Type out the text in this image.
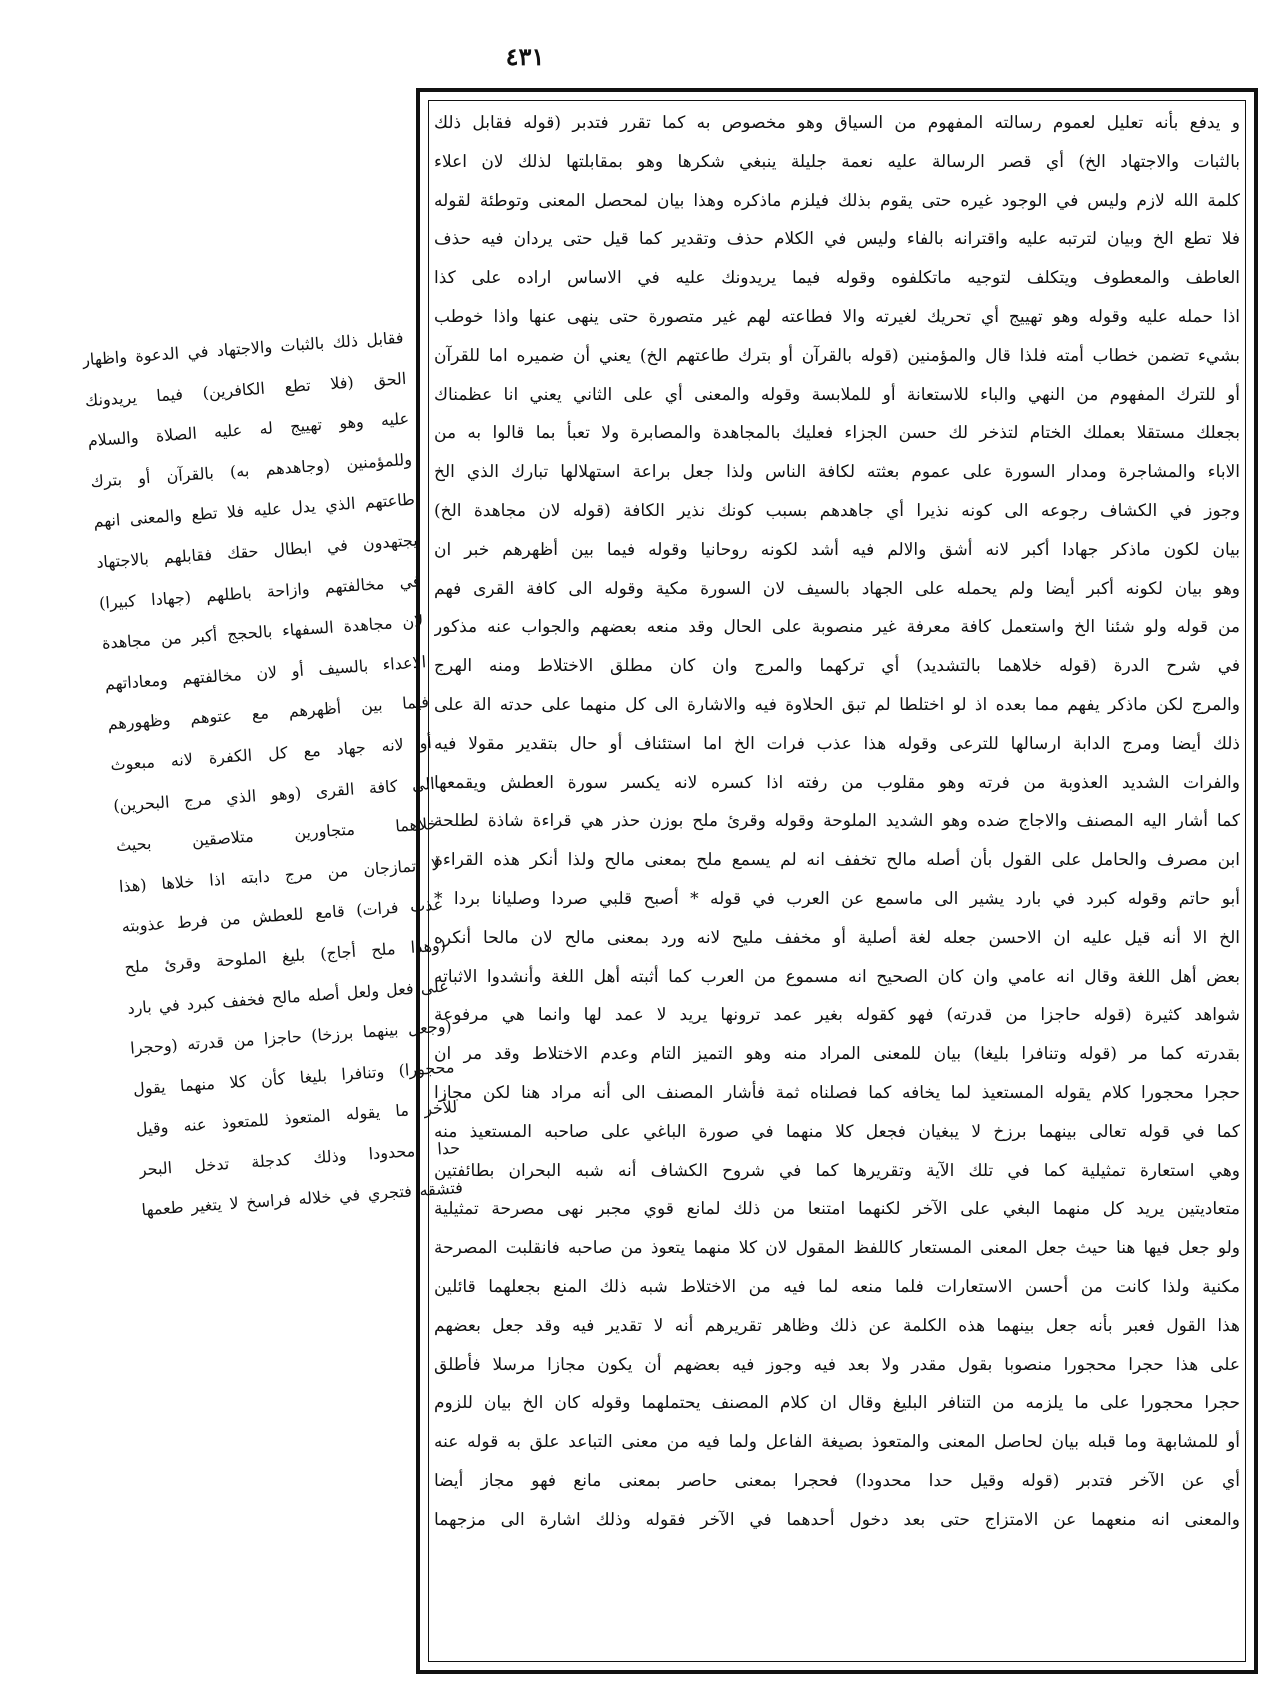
٤٣١
و يدفع بأنه تعليل لعموم رسالته المفهوم من السياق وهو مخصوص به كما تقرر فتدبر (قوله فقابل ذلك
بالثبات والاجتهاد الخ) أي قصر الرسالة عليه نعمة جليلة ينبغي شكرها وهو بمقابلتها لذلك لان اعلاء
كلمة الله لازم وليس في الوجود غيره حتى يقوم بذلك فيلزم ماذكره وهذا بيان لمحصل المعنى وتوطئة لقوله
فلا تطع الخ وبيان لترتبه عليه واقترانه بالفاء وليس في الكلام حذف وتقدير كما قيل حتى يردان فيه حذف
العاطف والمعطوف ويتكلف لتوجيه ماتكلفوه وقوله فيما يريدونك عليه في الاساس اراده على كذا
اذا حمله عليه وقوله وهو تهييج أي تحريك لغيرته والا فطاعته لهم غير متصورة حتى ينهى عنها واذا خوطب
بشيء تضمن خطاب أمته فلذا قال والمؤمنين (قوله بالقرآن أو بترك طاعتهم الخ) يعني أن ضميره اما للقرآن
أو للترك المفهوم من النهي والباء للاستعانة أو للملابسة وقوله والمعنى أي على الثاني يعني انا عظمناك
بجعلك مستقلا بعملك الختام لتذخر لك حسن الجزاء فعليك بالمجاهدة والمصابرة ولا تعبأ بما قالوا به من
الاباء والمشاجرة ومدار السورة على عموم بعثته لكافة الناس ولذا جعل براعة استهلالها تبارك الذي الخ
وجوز في الكشاف رجوعه الى كونه نذيرا أي جاهدهم بسبب كونك نذير الكافة (قوله لان مجاهدة الخ)
بيان لكون ماذكر جهادا أكبر لانه أشق والالم فيه أشد لكونه روحانيا وقوله فيما بين أظهرهم خبر ان
وهو بيان لكونه أكبر أيضا ولم يحمله على الجهاد بالسيف لان السورة مكية وقوله الى كافة القرى فهم
من قوله ولو شئنا الخ واستعمل كافة معرفة غير منصوبة على الحال وقد منعه بعضهم والجواب عنه مذكور
في شرح الدرة (قوله خلاهما بالتشديد) أي تركهما والمرج وان كان مطلق الاختلاط ومنه الهرج
والمرج لكن ماذكر يفهم مما بعده اذ لو اختلطا لم تبق الحلاوة فيه والاشارة الى كل منهما على حدته الة على
ذلك أيضا ومرج الدابة ارسالها للترعى وقوله هذا عذب فرات الخ اما استئناف أو حال بتقدير مقولا فيه
والفرات الشديد العذوبة من فرته وهو مقلوب من رفته اذا كسره لانه يكسر سورة العطش ويقمعها
كما أشار اليه المصنف والاجاج ضده وهو الشديد الملوحة وقوله وقرئ ملح بوزن حذر هي قراءة شاذة لطلحة
ابن مصرف والحامل على القول بأن أصله مالح تخفف انه لم يسمع ملح بمعنى مالح ولذا أنكر هذه القراءة
أبو حاتم وقوله كبرد في بارد يشير الى ماسمع عن العرب في قوله * أصبح قلبي صردا وصليانا بردا *
الخ الا أنه قيل عليه ان الاحسن جعله لغة أصلية أو مخفف مليح لانه ورد بمعنى مالح لان مالحا أنكره
بعض أهل اللغة وقال انه عامي وان كان الصحيح انه مسموع من العرب كما أثبته أهل اللغة وأنشدوا الاثباته
شواهد كثيرة (قوله حاجزا من قدرته) فهو كقوله بغير عمد ترونها يريد لا عمد لها وانما هي مرفوعة
بقدرته كما مر (قوله وتنافرا بليغا) بيان للمعنى المراد منه وهو التميز التام وعدم الاختلاط وقد مر ان
حجرا محجورا كلام يقوله المستعيذ لما يخافه كما فصلناه ثمة فأشار المصنف الى أنه مراد هنا لكن مجازا
كما في قوله تعالى بينهما برزخ لا يبغيان فجعل كلا منهما في صورة الباغي على صاحبه المستعيذ منه
وهي استعارة تمثيلية كما في تلك الآية وتقريرها كما في شروح الكشاف أنه شبه البحران بطائفتين
متعاديتين يريد كل منهما البغي على الآخر لكنهما امتنعا من ذلك لمانع قوي مجبر نهى مصرحة تمثيلية
ولو جعل فيها هنا حيث جعل المعنى المستعار كاللفظ المقول لان كلا منهما يتعوذ من صاحبه فانقلبت المصرحة
مكنية ولذا كانت من أحسن الاستعارات فلما منعه لما فيه من الاختلاط شبه ذلك المنع بجعلهما قائلين
هذا القول فعبر بأنه جعل بينهما هذه الكلمة عن ذلك وظاهر تقريرهم أنه لا تقدير فيه وقد جعل بعضهم
على هذا حجرا محجورا منصوبا بقول مقدر ولا بعد فيه وجوز فيه بعضهم أن يكون مجازا مرسلا فأطلق
حجرا محجورا على ما يلزمه من التنافر البليغ وقال ان كلام المصنف يحتملهما وقوله كان الخ بيان للزوم
أو للمشابهة وما قبله بيان لحاصل المعنى والمتعوذ بصيغة الفاعل ولما فيه من معنى التباعد علق به قوله عنه
أي عن الآخر فتدبر (قوله وقيل حدا محدودا) فحجرا بمعنى حاصر بمعنى مانع فهو مجاز أيضا
والمعنى انه منعهما عن الامتزاج حتى بعد دخول أحدهما في الآخر فقوله وذلك اشارة الى مزجهما
فقابل ذلك بالثبات والاجتهاد في الدعوة واظهار
الحق (فلا تطع الكافرين) فيما يريدونك
عليه وهو تهييج له عليه الصلاة والسلام
وللمؤمنين (وجاهدهم به) بالقرآن أو بترك
طاعتهم الذي يدل عليه فلا تطع والمعنى انهم
يجتهدون في ابطال حقك فقابلهم بالاجتهاد
في مخالفتهم وازاحة باطلهم (جهادا كبيرا)
لان مجاهدة السفهاء بالحجج أكبر من مجاهدة
الاعداء بالسيف أو لان مخالفتهم ومعاداتهم
فيما بين أظهرهم مع عتوهم وظهورهم
أو لانه جهاد مع كل الكفرة لانه مبعوث
الى كافة القرى (وهو الذي مرج البحرين)
خلاهما متجاورين متلاصقين بحيث
لا تمازجان من مرج دابته اذا خلاها (هذا
عذب فرات) قامع للعطش من فرط عذوبته
(وهذا ملح أجاج) بليغ الملوحة وقرئ ملح
على فعل ولعل أصله مالح فخفف كبرد في بارد
(وجعل بينهما برزخا) حاجزا من قدرته (وحجرا
محجورا) وتنافرا بليغا كأن كلا منهما يقول
للآخر ما يقوله المتعوذ للمتعوذ عنه وقيل
حدا محدودا وذلك كدجلة تدخل البحر
فتشقه فتجري في خلاله فراسخ لا يتغير طعمها
